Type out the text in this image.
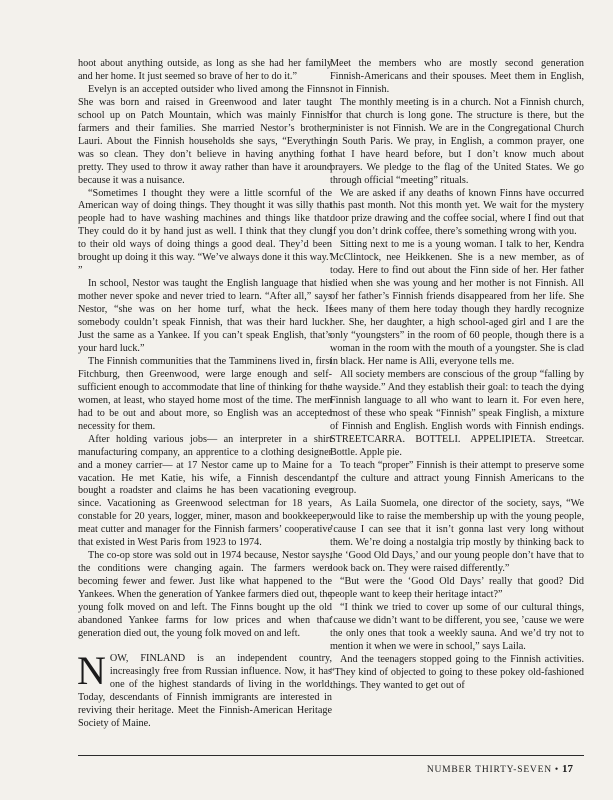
hoot about anything outside, as long as she had her family and her home. It just seemed so brave of her to do it.”

Evelyn is an accepted outsider who lived among the Finns. She was born and raised in Greenwood and later taught school up on Patch Mountain, which was mainly Finnish farmers and their families. She married Nestor’s brother, Lauri. About the Finnish households she says, “Everything was so clean. They don’t believe in having anything for pretty. They used to throw it away rather than have it around because it was a nuisance.

“Sometimes I thought they were a little scornful of the American way of doing things. They thought it was silly that people had to have washing machines and things like that. They could do it by hand just as well. I think that they clung to their old ways of doing things a good deal. They’d been brought up doing it this way. “We’ve always done it this way.’ ”

In school, Nestor was taught the English language that his mother never spoke and never tried to learn. “After all,” says Nestor, “she was on her home turf, what the heck. If somebody couldn’t speak Finnish, that was their hard luck. Just the same as a Yankee. If you can’t speak English, that’s your hard luck.”

The Finnish communities that the Tamminens lived in, first Fitchburg, then Greenwood, were large enough and self-sufficient enough to accommodate that line of thinking for the women, at least, who stayed home most of the time. The men had to be out and about more, so English was an accepted necessity for them.

After holding various jobs— an interpreter in a shirt manufacturing company, an apprentice to a clothing designer and a money carrier— at 17 Nestor came up to Maine for a vacation. He met Katie, his wife, a Finnish descendant, bought a roadster and claims he has been vacationing ever since. Vacationing as Greenwood selectman for 18 years, constable for 20 years, logger, miner, mason and bookkeeper, meat cutter and manager for the Finnish farmers’ cooperative that existed in West Paris from 1923 to 1974.

The co-op store was sold out in 1974 because, Nestor says, the conditions were changing again. The farmers were becoming fewer and fewer. Just like what happened to the Yankees. When the generation of Yankee farmers died out, the young folk moved on and left. The Finns bought up the old abandoned Yankee farms for low prices and when that generation died out, the young folk moved on and left.

NOW, FINLAND is an independent country, increasingly free from Russian influence. Now, it has one of the highest standards of living in the world. Today, descendants of Finnish immigrants are interested in reviving their heritage. Meet the Finnish-American Heritage Society of Maine.

Meet the members who are mostly second generation Finnish-Americans and their spouses. Meet them in English, not in Finnish.

The monthly meeting is in a church. Not a Finnish church, for that church is long gone. The structure is there, but the minister is not Finnish. We are in the Congregational Church in South Paris. We pray, in English, a common prayer, one that I have heard before, but I don’t know much about prayers. We pledge to the flag of the United States. We go through official “meeting” rituals.

We are asked if any deaths of known Finns have occurred this past month. Not this month yet. We wait for the mystery door prize drawing and the coffee social, where I find out that if you don’t drink coffee, there’s something wrong with you.

Sitting next to me is a young woman. I talk to her, Kendra McClintock, nee Heikkenen. She is a new member, as of today. Here to find out about the Finn side of her. Her father died when she was young and her mother is not Finnish. All of her father’s Finnish friends disappeared from her life. She sees many of them here today though they hardly recognize her. She, her daughter, a high school-aged girl and I are the only “youngsters” in the room of 60 people, though there is a woman in the room with the mouth of a youngster. She is clad in black. Her name is Alli, everyone tells me.

All society members are conscious of the group “falling by the wayside.” And they establish their goal: to teach the dying Finnish language to all who want to learn it. For even here, most of these who speak “Finnish” speak Finglish, a mixture of Finnish and English. English words with Finnish endings. STREETCARRA. BOTTELI. APPELIPIETA. Streetcar. Bottle. Apple pie.

To teach “proper” Finnish is their attempt to preserve some of the culture and attract young Finnish Americans to the group.

As Laila Suomela, one director of the society, says, “We would like to raise the membership up with the young people, ’cause I can see that it isn’t gonna last very long without them. We’re doing a nostalgia trip mostly by thinking back to the ‘Good Old Days,’ and our young people don’t have that to look back on. They were raised differently.”

“But were the ‘Good Old Days’ really that good? Did people want to keep their heritage intact?”

“I think we tried to cover up some of our cultural things, ’cause we didn’t want to be different, you see, ’cause we were the only ones that took a weekly sauna. And we’d try not to mention it when we were in school,” says Laila.

And the teenagers stopped going to the Finnish activities. “They kind of objected to going to these pokey old-fashioned things. They wanted to get out of

NUMBER THIRTY-SEVEN • 17
